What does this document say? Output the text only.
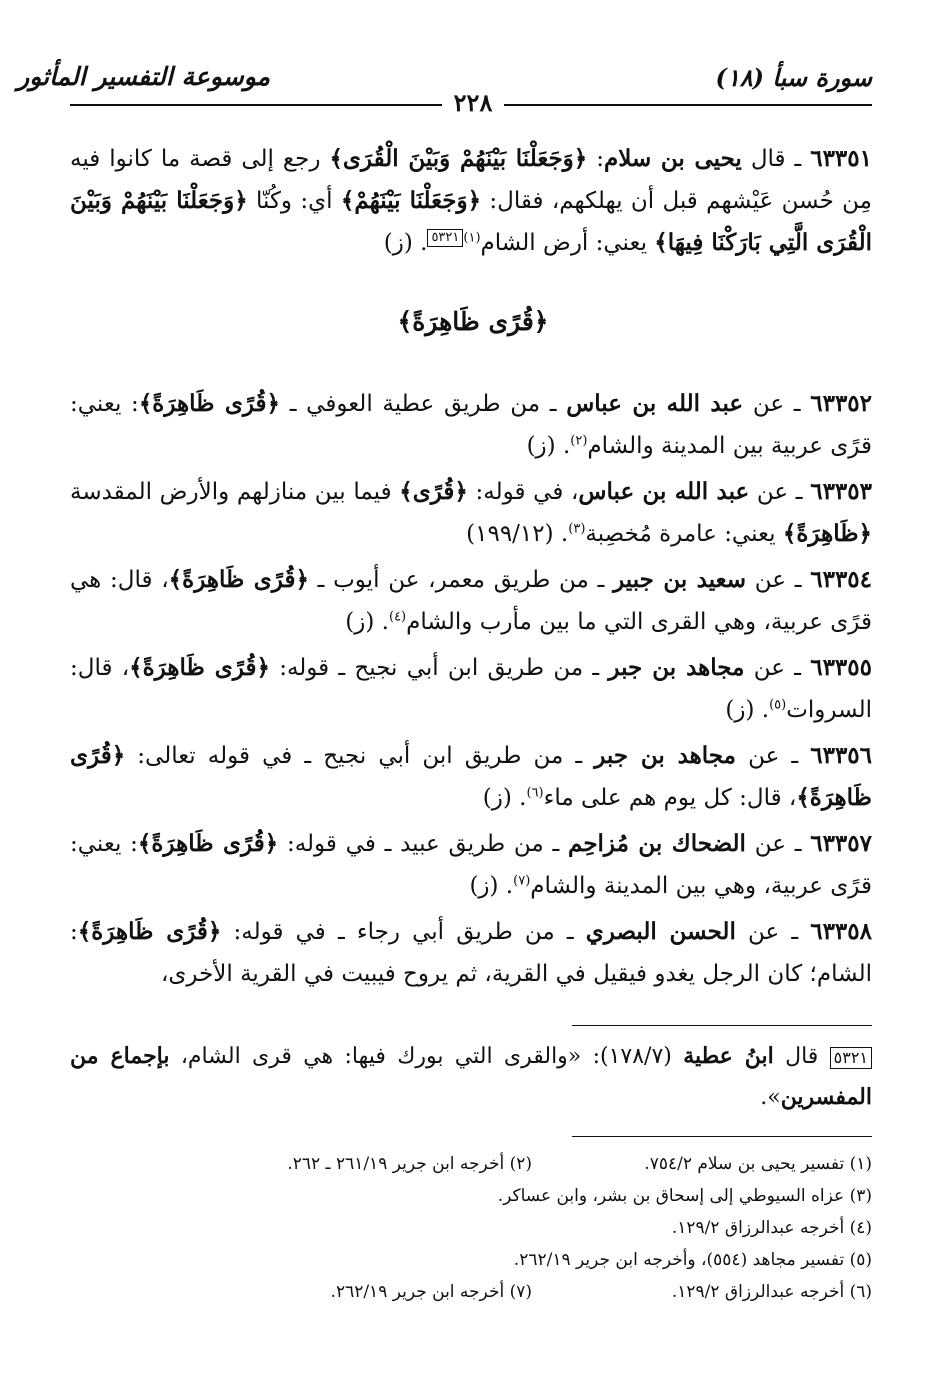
سورة سبأ (١٨)
موسوعة التفسير المأثور
٢٢٨

٦٣٣٥١ ـ قال يحيى بن سلام: ﴿وَجَعَلْنَا بَيْنَهُمْ وَبَيْنَ الْقُرَى﴾ رجع إلى قصة ما كانوا فيه مِن حُسن عَيْشهم قبل أن يهلكهم، فقال: ﴿وَجَعَلْنَا بَيْنَهُمْ﴾ أي: وكُنّا ﴿وَجَعَلْنَا بَيْنَهُمْ وَبَيْنَ الْقُرَى الَّتِي بَارَكْنَا فِيهَا﴾ يعني: أرض الشام$^{(١)}$٥٣٢١. (ز)

﴿قُرًى ظَاهِرَةً﴾

٦٣٣٥٢ ـ عن عبد الله بن عباس ـ من طريق عطية العوفي ـ ﴿قُرًى ظَاهِرَةً﴾: يعني: قرًى عربية بين المدينة والشام$^{(٢)}$. (ز)

٦٣٣٥٣ ـ عن عبد الله بن عباس، في قوله: ﴿قُرًى﴾ فيما بين منازلهم والأرض المقدسة ﴿ظَاهِرَةً﴾ يعني: عامرة مُخصِبة$^{(٣)}$. (١٩٩/١٢)

٦٣٣٥٤ ـ عن سعيد بن جبير ـ من طريق معمر، عن أيوب ـ ﴿قُرًى ظَاهِرَةً﴾، قال: هي قرًى عربية، وهي القرى التي ما بين مأرب والشام$^{(٤)}$. (ز)

٦٣٣٥٥ ـ عن مجاهد بن جبر ـ من طريق ابن أبي نجيح ـ قوله: ﴿قُرًى ظَاهِرَةً﴾، قال: السروات$^{(٥)}$. (ز)

٦٣٣٥٦ ـ عن مجاهد بن جبر ـ من طريق ابن أبي نجيح ـ في قوله تعالى: ﴿قُرًى ظَاهِرَةً﴾، قال: كل يوم هم على ماء$^{(٦)}$. (ز)

٦٣٣٥٧ ـ عن الضحاك بن مُزاحِم ـ من طريق عبيد ـ في قوله: ﴿قُرًى ظَاهِرَةً﴾: يعني: قرًى عربية، وهي بين المدينة والشام$^{(٧)}$. (ز)

٦٣٣٥٨ ـ عن الحسن البصري ـ من طريق أبي رجاء ـ في قوله: ﴿قُرًى ظَاهِرَةً﴾: الشام؛ كان الرجل يغدو فيقيل في القرية، ثم يروح فيبيت في القرية الأخرى،

٥٣٢١ قال ابنُ عطية (١٧٨/٧): «والقرى التي بورك فيها: هي قرى الشام، بإجماع من المفسرين».
(١) تفسير يحيى بن سلام ٧٥٤/٢.
(٢) أخرجه ابن جرير ٢٦١/١٩ ـ ٢٦٢.
(٣) عزاه السيوطي إلى إسحاق بن بشر، وابن عساكر.
(٤) أخرجه عبدالرزاق ١٢٩/٢.
(٥) تفسير مجاهد (٥٥٤)، وأخرجه ابن جرير ٢٦٢/١٩.
(٦) أخرجه عبدالرزاق ١٢٩/٢.
(٧) أخرجه ابن جرير ٢٦٢/١٩.
